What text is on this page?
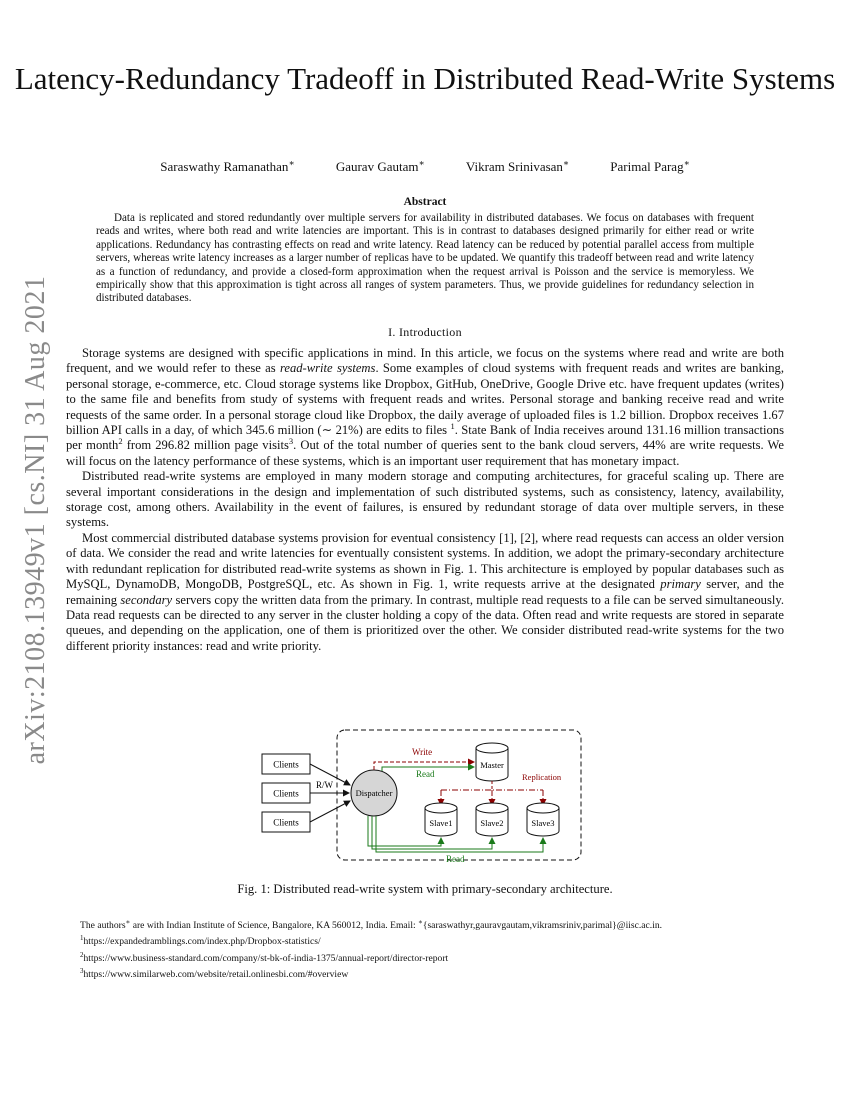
arXiv:2108.13949v1 [cs.NI] 31 Aug 2021
Latency-Redundancy Tradeoff in Distributed Read-Write Systems
Saraswathy Ramanathan∗	Gaurav Gautam∗	Vikram Srinivasan∗	Parimal Parag∗
Abstract

Data is replicated and stored redundantly over multiple servers for availability in distributed databases. We focus on databases with frequent reads and writes, where both read and write latencies are important. This is in contrast to databases designed primarily for either read or write applications. Redundancy has contrasting effects on read and write latency. Read latency can be reduced by potential parallel access from multiple servers, whereas write latency increases as a larger number of replicas have to be updated. We quantify this tradeoff between read and write latency as a function of redundancy, and provide a closed-form approximation when the request arrival is Poisson and the service is memoryless. We empirically show that this approximation is tight across all ranges of system parameters. Thus, we provide guidelines for redundancy selection in distributed databases.

I. Introduction

Storage systems are designed with specific applications in mind. In this article, we focus on the systems where read and write are both frequent, and we would refer to these as read-write systems. Some examples of cloud systems with frequent reads and writes are banking, personal storage, e-commerce, etc. Cloud storage systems like Dropbox, GitHub, OneDrive, Google Drive etc. have frequent updates (writes) to the same file and benefits from study of systems with frequent reads and writes. Personal storage and banking receive read and write requests of the same order. In a personal storage cloud like Dropbox, the daily average of uploaded files is 1.2 billion. Dropbox receives 1.67 billion API calls in a day, of which 345.6 million (∼ 21%) are edits to files $^1$. State Bank of India receives around 131.16 million transactions per month$^2$ from 296.82 million page visits$^3$. Out of the total number of queries sent to the bank cloud servers, 44% are write requests. We will focus on the latency performance of these systems, which is an important user requirement that has monetary impact.

Distributed read-write systems are employed in many modern storage and computing architectures, for graceful scaling up. There are several important considerations in the design and implementation of such distributed systems, such as consistency, latency, availability, storage cost, among others. Availability in the event of failures, is ensured by redundant storage of data over multiple servers, in these systems.

Most commercial distributed database systems provision for eventual consistency [1], [2], where read requests can access an older version of data. We consider the read and write latencies for eventually consistent systems. In addition, we adopt the primary-secondary architecture with redundant replication for distributed read-write systems as shown in Fig. 1. This architecture is employed by popular databases such as MySQL, DynamoDB, MongoDB, PostgreSQL, etc. As shown in Fig. 1, write requests arrive at the designated primary server, and the remaining secondary servers copy the written data from the primary. In contrast, multiple read requests to a file can be served simultaneously. Data read requests can be directed to any server in the cluster holding a copy of the data. Often read and write requests are stored in separate queues, and depending on the application, one of them is prioritized over the other. We consider distributed read-write systems for the two different priority instances: read and write priority.

Clients
Clients
Clients
R/W
Dispatcher
Write
Read
Master
Replication
Slave1	Slave2	Slave3
Read
Fig. 1: Distributed read-write system with primary-secondary architecture.
The authors∗ are with Indian Institute of Science, Bangalore, KA 560012, India. Email: ∗{saraswathyr,gauravgautam,vikramsriniv,parimal}@iisc.ac.in.
$^1$https://expandedramblings.com/index.php/Dropbox-statistics/
$^2$https://www.business-standard.com/company/st-bk-of-india-1375/annual-report/director-report
$^3$https://www.similarweb.com/website/retail.onlinesbi.com/#overview
